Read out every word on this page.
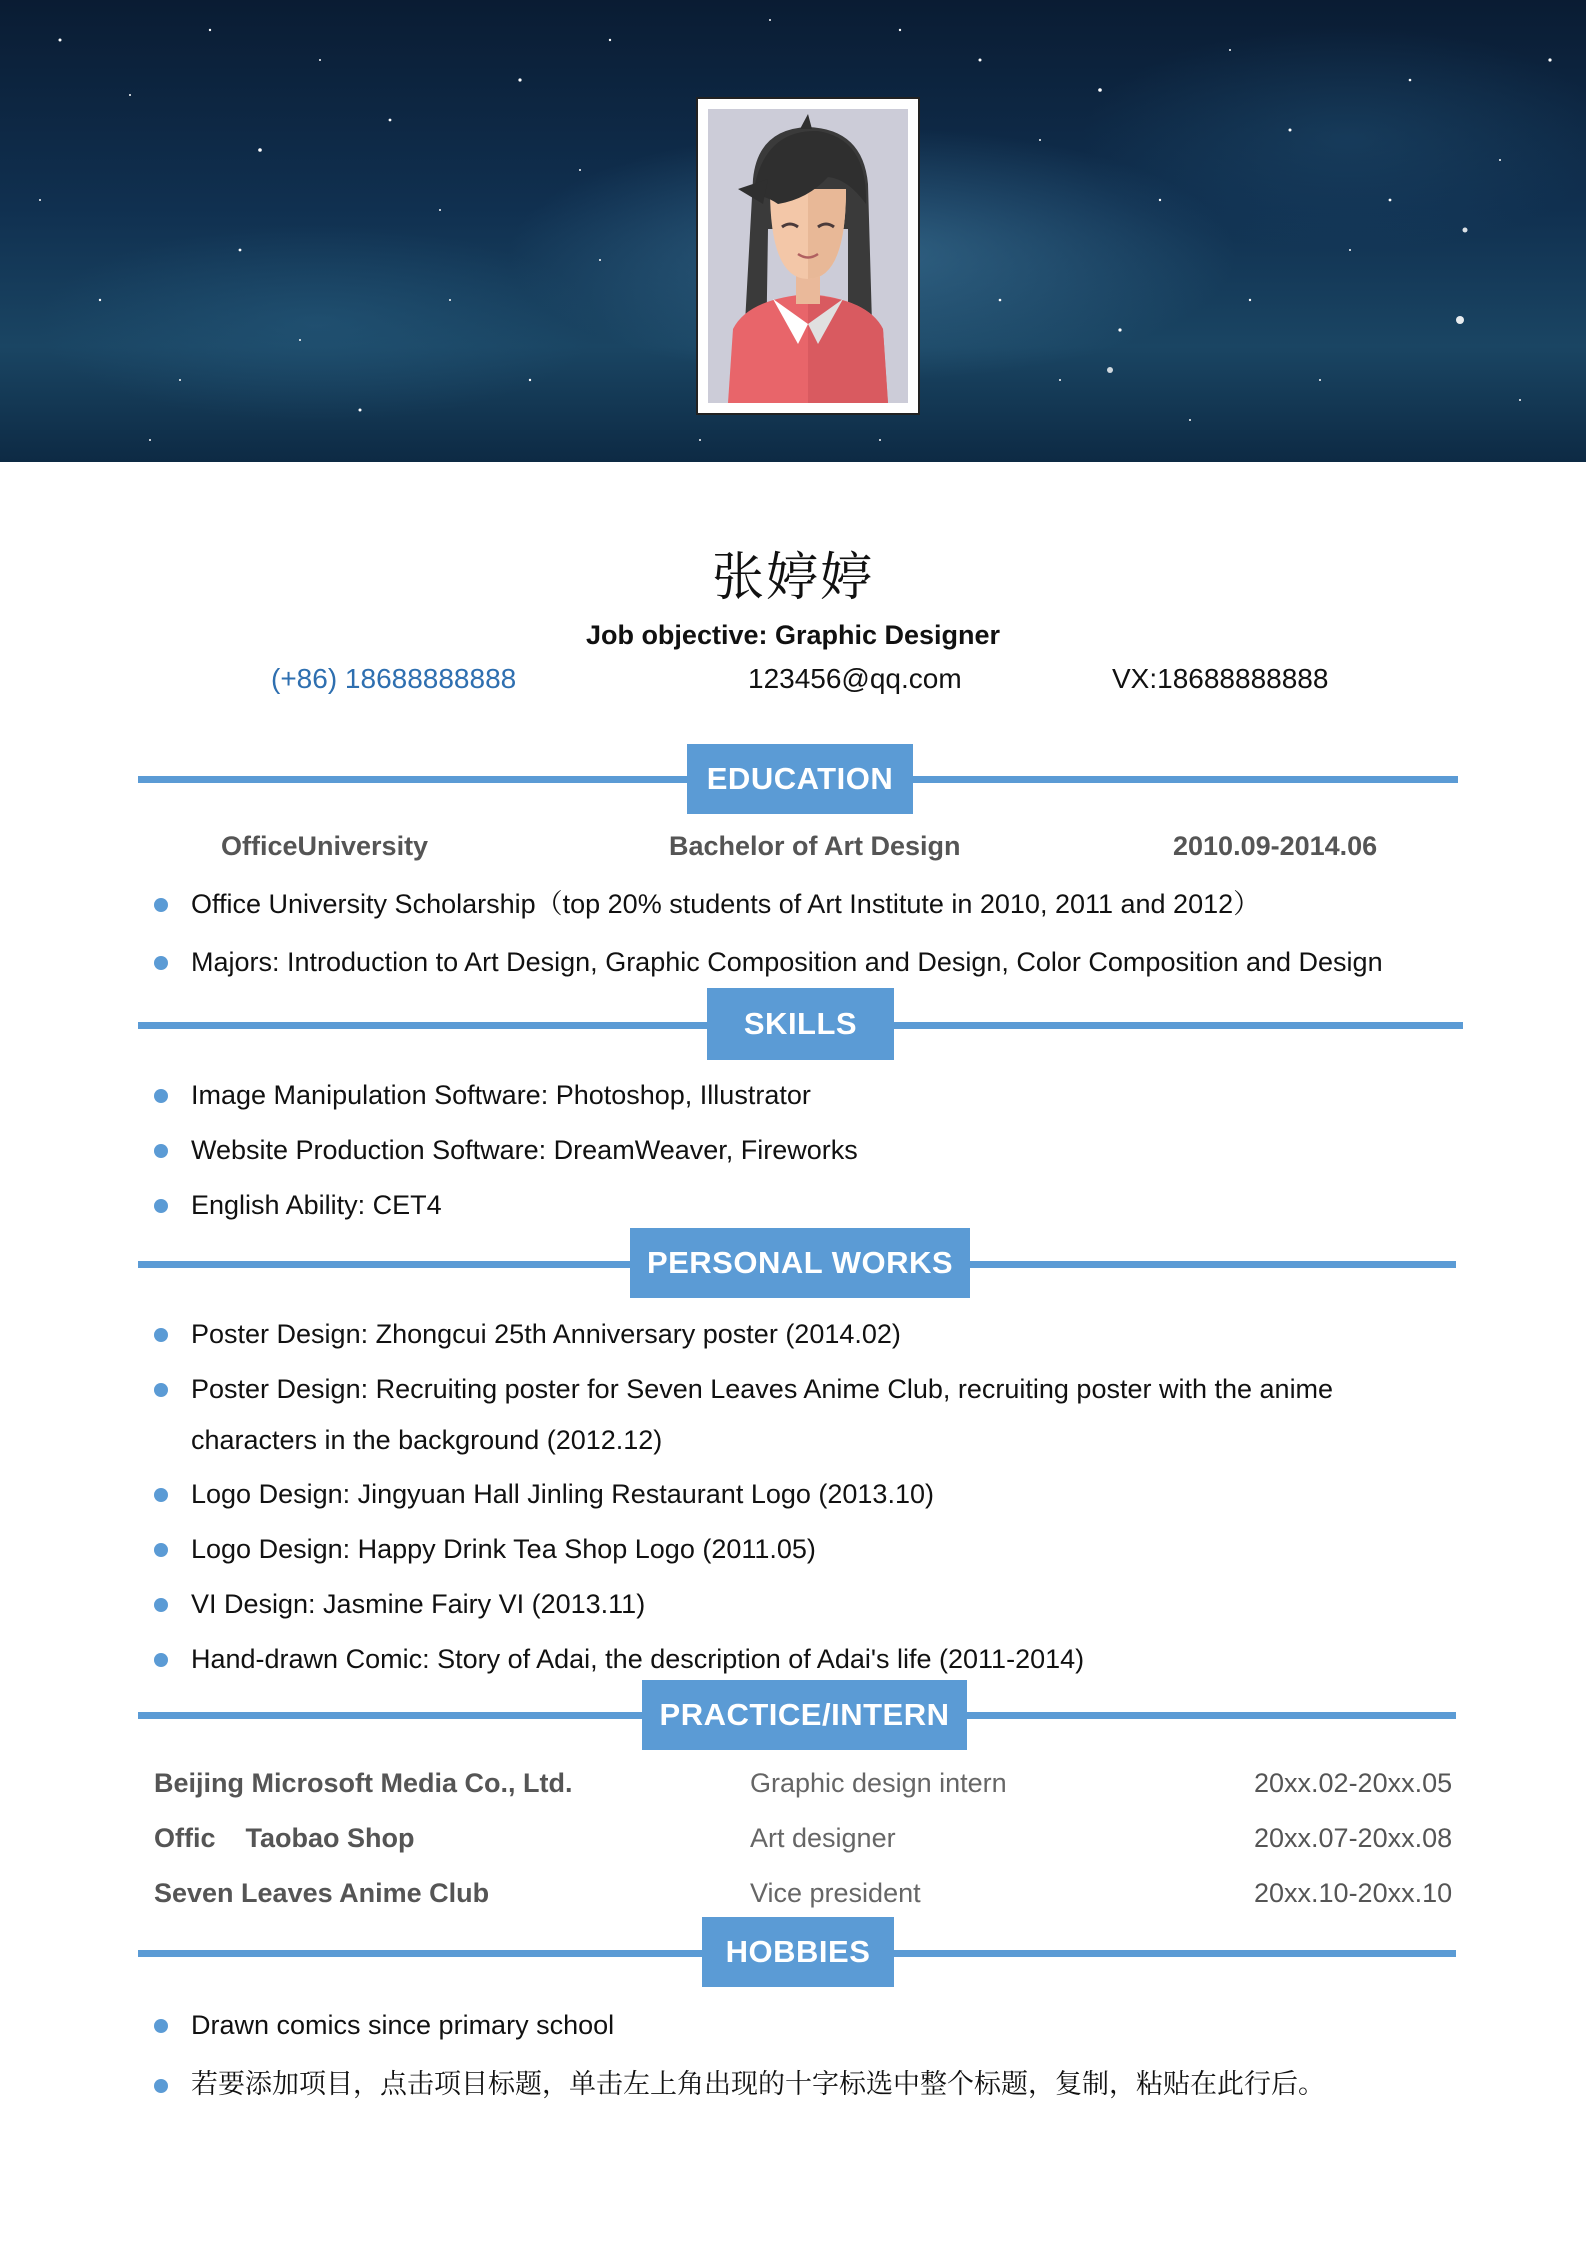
张婷婷
Job objective: Graphic Designer
(+86) 18688888888	123456@qq.com	VX:18688888888
EDUCATION
OfficeUniversity	Bachelor of Art Design	2010.09-2014.06
Office University Scholarship（top 20% students of Art Institute in 2010, 2011 and 2012）
Majors: Introduction to Art Design, Graphic Composition and Design, Color Composition and Design
SKILLS
Image Manipulation Software: Photoshop, Illustrator
Website Production Software: DreamWeaver, Fireworks
English Ability: CET4
PERSONAL WORKS
Poster Design: Zhongcui 25th Anniversary poster (2014.02)
Poster Design: Recruiting poster for Seven Leaves Anime Club, recruiting poster with the anime
characters in the background (2012.12)
Logo Design: Jingyuan Hall Jinling Restaurant Logo (2013.10)
Logo Design: Happy Drink Tea Shop Logo (2011.05)
VI Design: Jasmine Fairy VI (2013.11)
Hand-drawn Comic: Story of Adai, the description of Adai's life (2011-2014)
PRACTICE/INTERN
Beijing Microsoft Media Co., Ltd.	Graphic design intern	20xx.02-20xx.05
Offic    Taobao Shop	Art designer	20xx.07-20xx.08
Seven Leaves Anime Club	Vice president	20xx.10-20xx.10
HOBBIES
Drawn comics since primary school
若要添加项目，点击项目标题，单击左上角出现的十字标选中整个标题，复制，粘贴在此行后。
